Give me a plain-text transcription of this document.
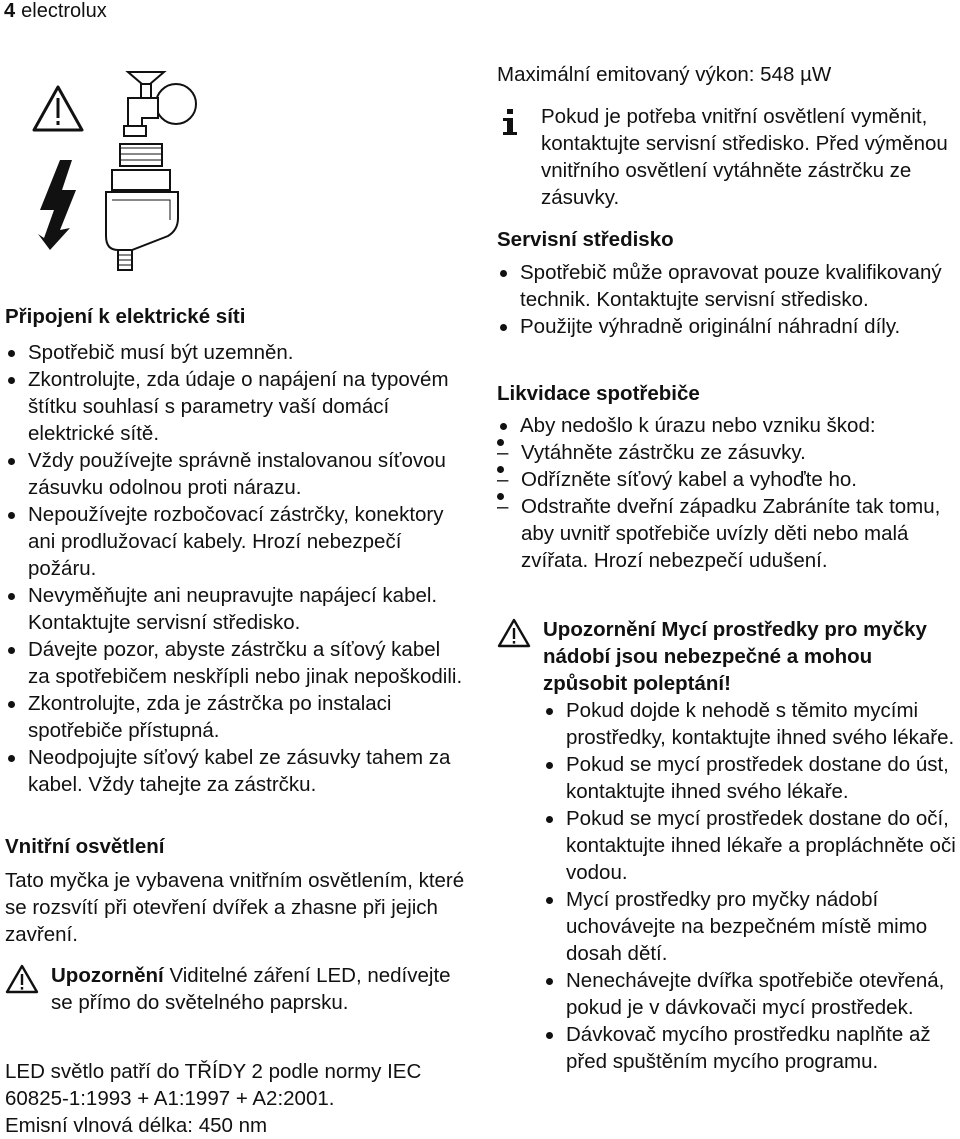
4 electrolux
Připojení k elektrické síti
Spotřebič musí být uzemněn.
Zkontrolujte, zda údaje o napájení na typovém štítku souhlasí s parametry vaší domácí elektrické sítě.
Vždy používejte správně instalovanou síťovou zásuvku odolnou proti nárazu.
Nepoužívejte rozbočovací zástrčky, konektory ani prodlužovací kabely. Hrozí nebezpečí požáru.
Nevyměňujte ani neupravujte napájecí kabel. Kontaktujte servisní středisko.
Dávejte pozor, abyste zástrčku a síťový kabel za spotřebičem neskřípli nebo jinak nepoškodili.
Zkontrolujte, zda je zástrčka po instalaci spotřebiče přístupná.
Neodpojujte síťový kabel ze zásuvky tahem za kabel. Vždy tahejte za zástrčku.
Vnitřní osvětlení
Tato myčka je vybavena vnitřním osvětlením, které se rozsvítí při otevření dvířek a zhasne při jejich zavření.
Upozornění Viditelné záření LED, nedívejte se přímo do světelného paprsku.
LED světlo patří do TŘÍDY 2 podle normy IEC 60825-1:1993 + A1:1997 + A2:2001.
Emisní vlnová délka: 450 nm
Maximální emitovaný výkon: 548 µW
Pokud je potřeba vnitřní osvětlení vyměnit, kontaktujte servisní středisko. Před výměnou vnitřního osvětlení vytáhněte zástrčku ze zásuvky.
Servisní středisko
Spotřebič může opravovat pouze kvalifikovaný technik. Kontaktujte servisní středisko.
Použijte výhradně originální náhradní díly.
Likvidace spotřebiče
Aby nedošlo k úrazu nebo vzniku škod:
– Vytáhněte zástrčku ze zásuvky.
– Odřízněte síťový kabel a vyhoďte ho.
– Odstraňte dveřní západku Zabráníte tak tomu, aby uvnitř spotřebiče uvízly děti nebo malá zvířata. Hrozí nebezpečí udušení.
Upozornění Mycí prostředky pro myčky nádobí jsou nebezpečné a mohou způsobit poleptání!
Pokud dojde k nehodě s těmito mycími prostředky, kontaktujte ihned svého lékaře.
Pokud se mycí prostředek dostane do úst, kontaktujte ihned svého lékaře.
Pokud se mycí prostředek dostane do očí, kontaktujte ihned lékaře a propláchněte oči vodou.
Mycí prostředky pro myčky nádobí uchovávejte na bezpečném místě mimo dosah dětí.
Nenechávejte dvířka spotřebiče otevřená, pokud je v dávkovači mycí prostředek.
Dávkovač mycího prostředku naplňte až před spuštěním mycího programu.
